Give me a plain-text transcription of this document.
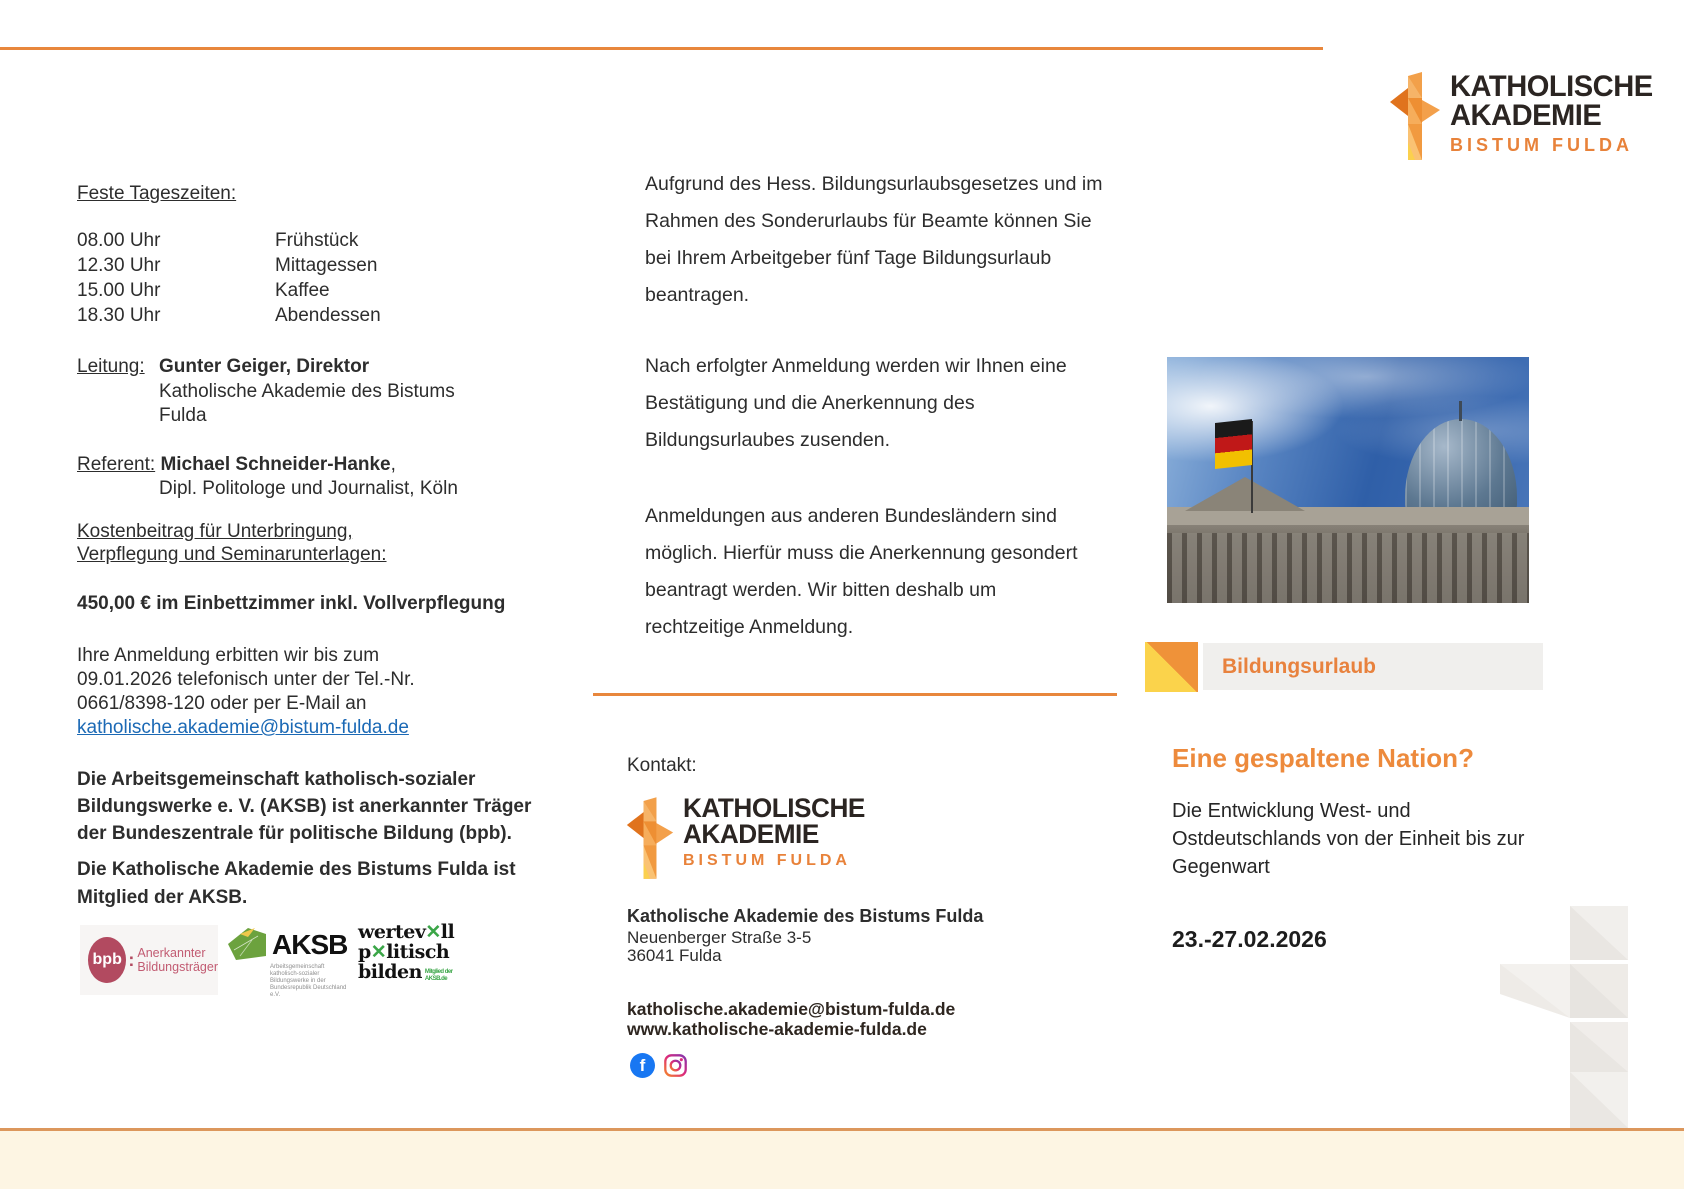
KATHOLISCHE
AKADEMIE
BISTUM FULDA
Feste Tageszeiten:
08.00 Uhr	Frühstück
12.30 Uhr	Mittagessen
15.00 Uhr	Kaffee
18.30 Uhr	Abendessen
Leitung: Gunter Geiger, Direktor
Katholische Akademie des Bistums
Fulda
Referent: Michael Schneider-Hanke,
Dipl. Politologe und Journalist, Köln
Kostenbeitrag für Unterbringung,
Verpflegung und Seminarunterlagen:
450,00 € im Einbettzimmer inkl. Vollverpflegung
Ihre Anmeldung erbitten wir bis zum
09.01.2026 telefonisch unter der Tel.-Nr.
0661/8398-120 oder per E-Mail an
katholische.akademie@bistum-fulda.de
Die Arbeitsgemeinschaft katholisch-sozialer
Bildungswerke e. V. (AKSB) ist anerkannter Träger
der Bundeszentrale für politische Bildung (bpb).
Die Katholische Akademie des Bistums Fulda ist
Mitglied der AKSB.
bpb : Anerkannter
Bildungsträger
AKSB
Arbeitsgemeinschaft katholisch-sozialer Bildungswerke in der Bundesrepublik Deutschland e.V.
wertev✕ll
p✕litisch
bilden Mitglied der AKSB.de
Aufgrund des Hess. Bildungsurlaubsgesetzes und im
Rahmen des Sonderurlaubs für Beamte können Sie
bei Ihrem Arbeitgeber fünf Tage Bildungsurlaub
beantragen.
Nach erfolgter Anmeldung werden wir Ihnen eine
Bestätigung und die Anerkennung des
Bildungsurlaubes zusenden.
Anmeldungen aus anderen Bundesländern sind
möglich. Hierfür muss die Anerkennung gesondert
beantragt werden. Wir bitten deshalb um
rechtzeitige Anmeldung.
Kontakt:
KATHOLISCHE
AKADEMIE
BISTUM FULDA
Katholische Akademie des Bistums Fulda
Neuenberger Straße 3-5
36041 Fulda
katholische.akademie@bistum-fulda.de
www.katholische-akademie-fulda.de
f
Bildungsurlaub
Eine gespaltene Nation?
Die Entwicklung West- und
Ostdeutschlands von der Einheit bis zur
Gegenwart
23.-27.02.2026
